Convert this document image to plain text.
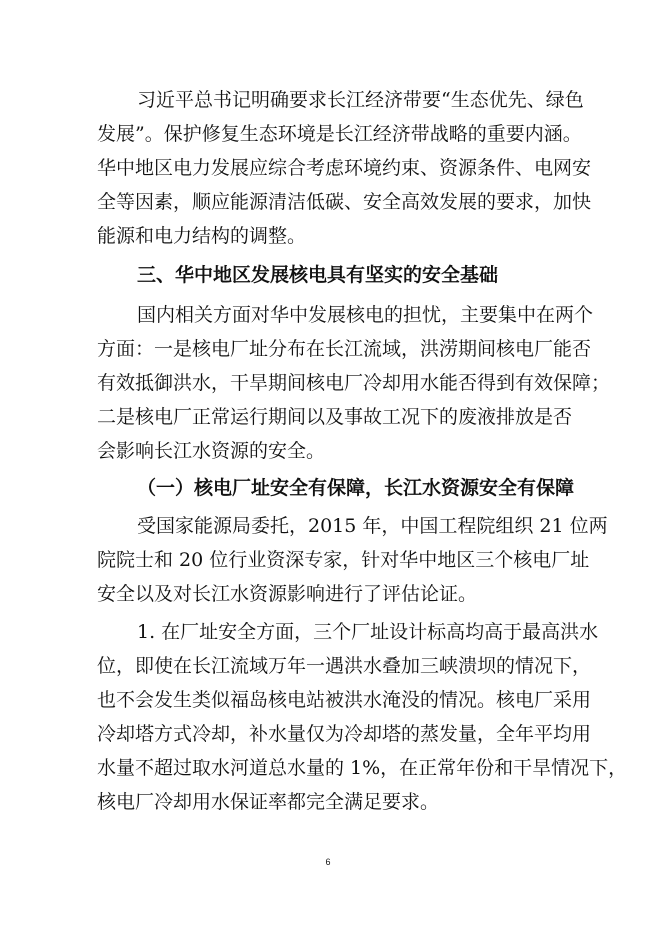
习近平总书记明确要求长江经济带要“生态优先、绿色
发展”。保护修复生态环境是长江经济带战略的重要内涵。
华中地区电力发展应综合考虑环境约束、资源条件、电网安
全等因素，顺应能源清洁低碳、安全高效发展的要求，加快
能源和电力结构的调整。
三、华中地区发展核电具有坚实的安全基础
国内相关方面对华中发展核电的担忧，主要集中在两个
方面：一是核电厂址分布在长江流域，洪涝期间核电厂能否
有效抵御洪水，干旱期间核电厂冷却用水能否得到有效保障；
二是核电厂正常运行期间以及事故工况下的废液排放是否
会影响长江水资源的安全。
（一）核电厂址安全有保障，长江水资源安全有保障
受国家能源局委托，2015 年，中国工程院组织 21 位两
院院士和 20 位行业资深专家，针对华中地区三个核电厂址
安全以及对长江水资源影响进行了评估论证。
1. 在厂址安全方面，三个厂址设计标高均高于最高洪水
位，即使在长江流域万年一遇洪水叠加三峡溃坝的情况下，
也不会发生类似福岛核电站被洪水淹没的情况。核电厂采用
冷却塔方式冷却，补水量仅为冷却塔的蒸发量，全年平均用
水量不超过取水河道总水量的 1%，在正常年份和干旱情况下，
核电厂冷却用水保证率都完全满足要求。
6
